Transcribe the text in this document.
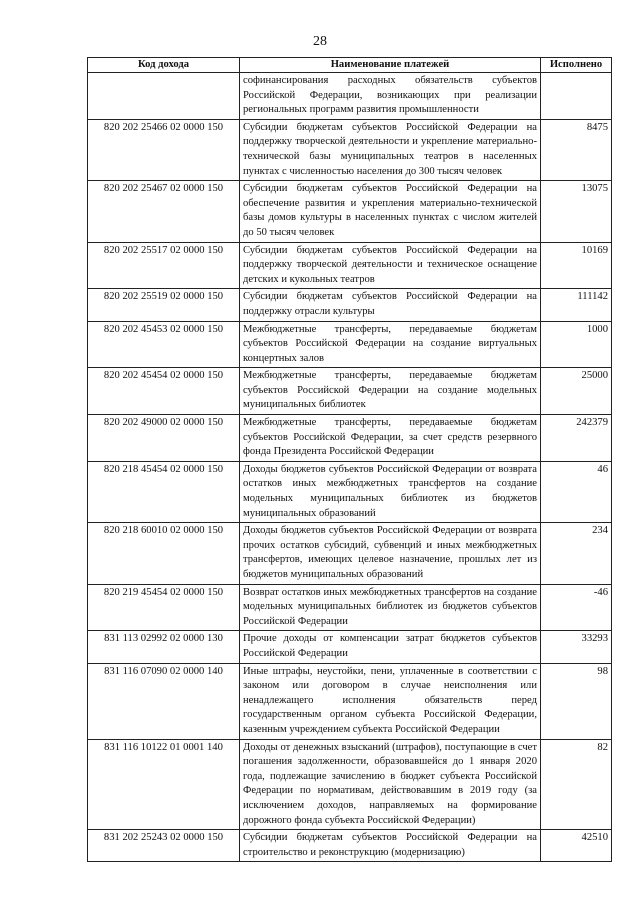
28
Код дохода	Наименование платежей	Исполнено
	софинансирования расходных обязательств субъектов Российской Федерации, возникающих при реализации региональных программ развития промышленности	
820 202 25466 02 0000 150	Субсидии бюджетам субъектов Российской Федерации на поддержку творческой деятельности и укрепление материально-технической базы муниципальных театров в населенных пунктах с численностью населения до 300 тысяч человек	8475
820 202 25467 02 0000 150	Субсидии бюджетам субъектов Российской Федерации на обеспечение развития и укрепления материально-технической базы домов культуры в населенных пунктах с числом жителей до 50 тысяч человек	13075
820 202 25517 02 0000 150	Субсидии бюджетам субъектов Российской Федерации на поддержку творческой деятельности и техническое оснащение детских и кукольных театров	10169
820 202 25519 02 0000 150	Субсидии бюджетам субъектов Российской Федерации на поддержку отрасли культуры	111142
820 202 45453 02 0000 150	Межбюджетные трансферты, передаваемые бюджетам субъектов Российской Федерации на создание виртуальных концертных залов	1000
820 202 45454 02 0000 150	Межбюджетные трансферты, передаваемые бюджетам субъектов Российской Федерации на создание модельных муниципальных библиотек	25000
820 202 49000 02 0000 150	Межбюджетные трансферты, передаваемые бюджетам субъектов Российской Федерации, за счет средств резервного фонда Президента Российской Федерации	242379
820 218 45454 02 0000 150	Доходы бюджетов субъектов Российской Федерации от возврата остатков иных межбюджетных трансфертов на создание модельных муниципальных библиотек из бюджетов муниципальных образований	46
820 218 60010 02 0000 150	Доходы бюджетов субъектов Российской Федерации от возврата прочих остатков субсидий, субвенций и иных межбюджетных трансфертов, имеющих целевое назначение, прошлых лет из бюджетов муниципальных образований	234
820 219 45454 02 0000 150	Возврат остатков иных межбюджетных трансфертов на создание модельных муниципальных библиотек из бюджетов субъектов Российской Федерации	-46
831 113 02992 02 0000 130	Прочие доходы от компенсации затрат бюджетов субъектов Российской Федерации	33293
831 116 07090 02 0000 140	Иные штрафы, неустойки, пени, уплаченные в соответствии с законом или договором в случае неисполнения или ненадлежащего исполнения обязательств перед государственным органом субъекта Российской Федерации, казенным учреждением субъекта Российской Федерации	98
831 116 10122 01 0001 140	Доходы от денежных взысканий (штрафов), поступающие в счет погашения задолженности, образовавшейся до 1 января 2020 года, подлежащие зачислению в бюджет субъекта Российской Федерации по нормативам, действовавшим в 2019 году (за исключением доходов, направляемых на формирование дорожного фонда субъекта Российской Федерации)	82
831 202 25243 02 0000 150	Субсидии бюджетам субъектов Российской Федерации на строительство и реконструкцию (модернизацию)	42510
